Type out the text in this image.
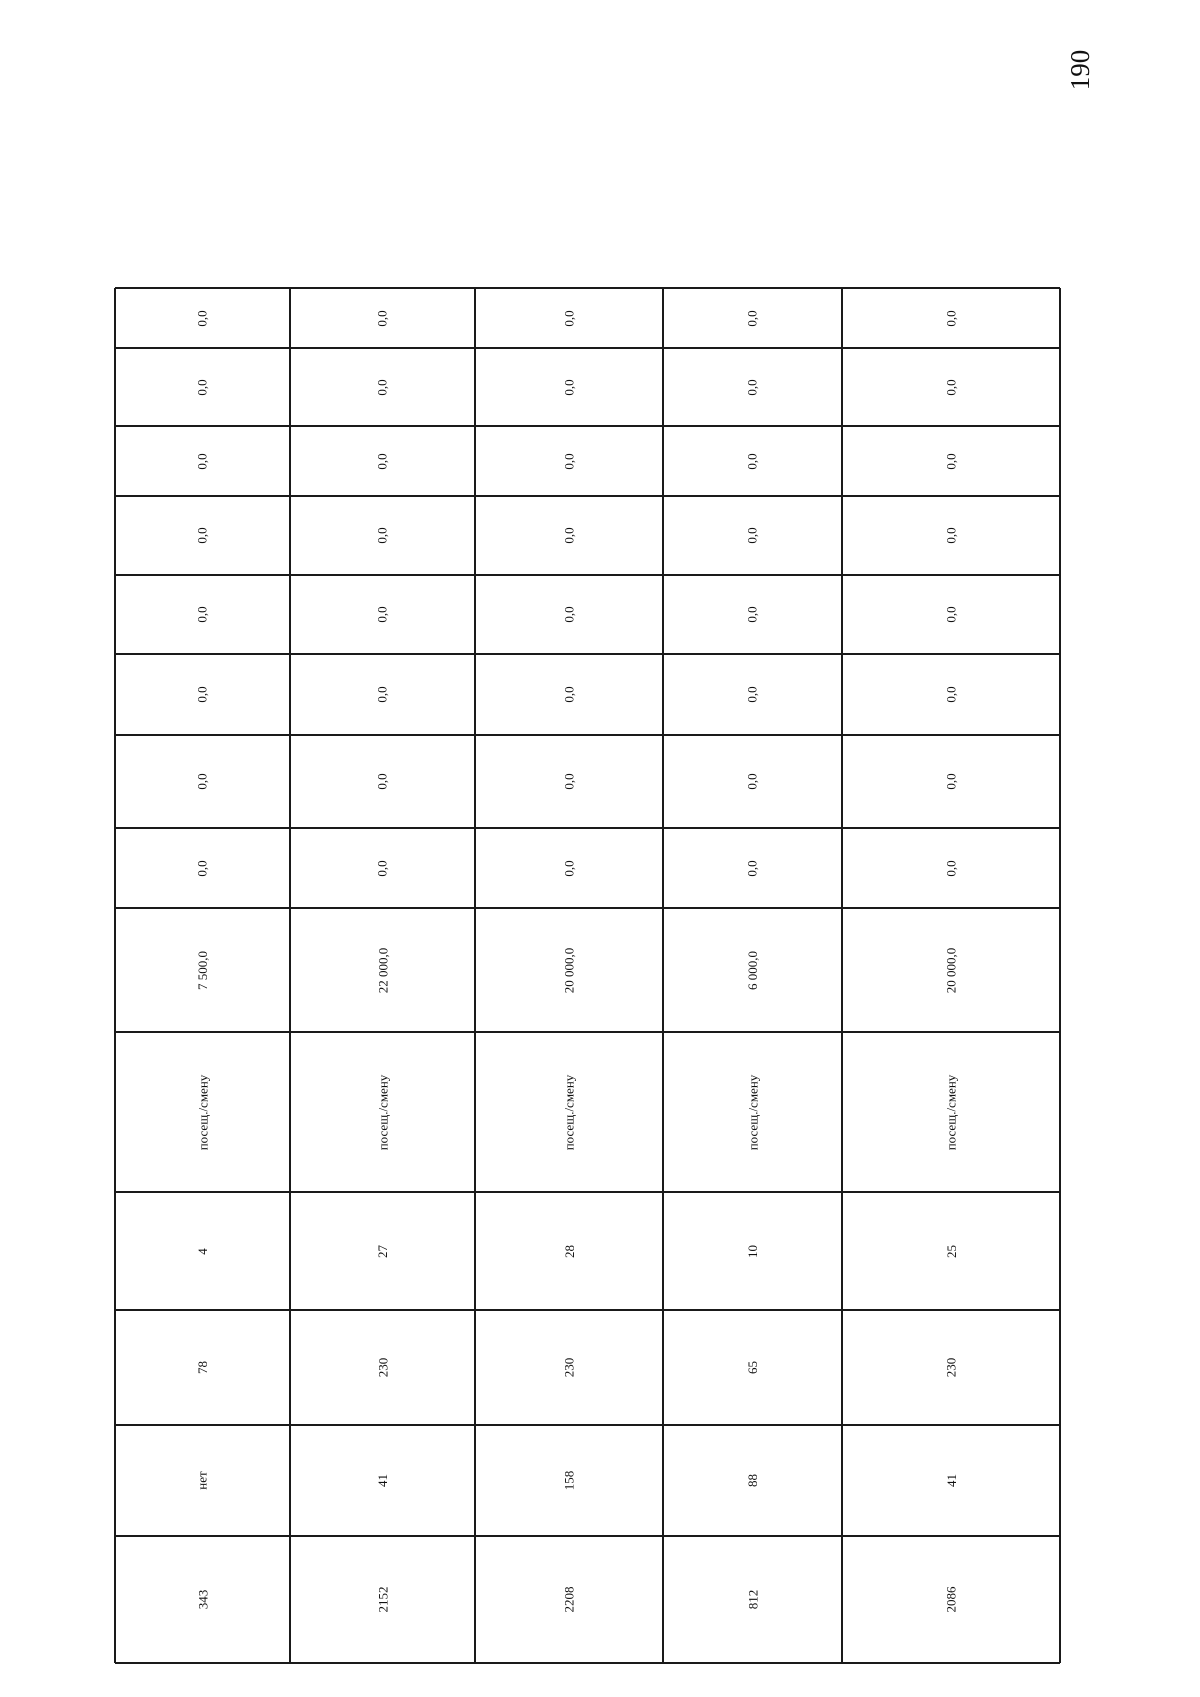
190
0,0
0,0
0,0
0,0
0,0
0,0
0,0
0,0
7 500,0
посещ./смену
4
78
нет
343
0,0
0,0
0,0
0,0
0,0
0,0
0,0
0,0
22 000,0
посещ./смену
27
230
41
2152
0,0
0,0
0,0
0,0
0,0
0,0
0,0
0,0
20 000,0
посещ./смену
28
230
158
2208
0,0
0,0
0,0
0,0
0,0
0,0
0,0
0,0
6 000,0
посещ./смену
10
65
88
812
0,0
0,0
0,0
0,0
0,0
0,0
0,0
0,0
20 000,0
посещ./смену
25
230
41
2086
